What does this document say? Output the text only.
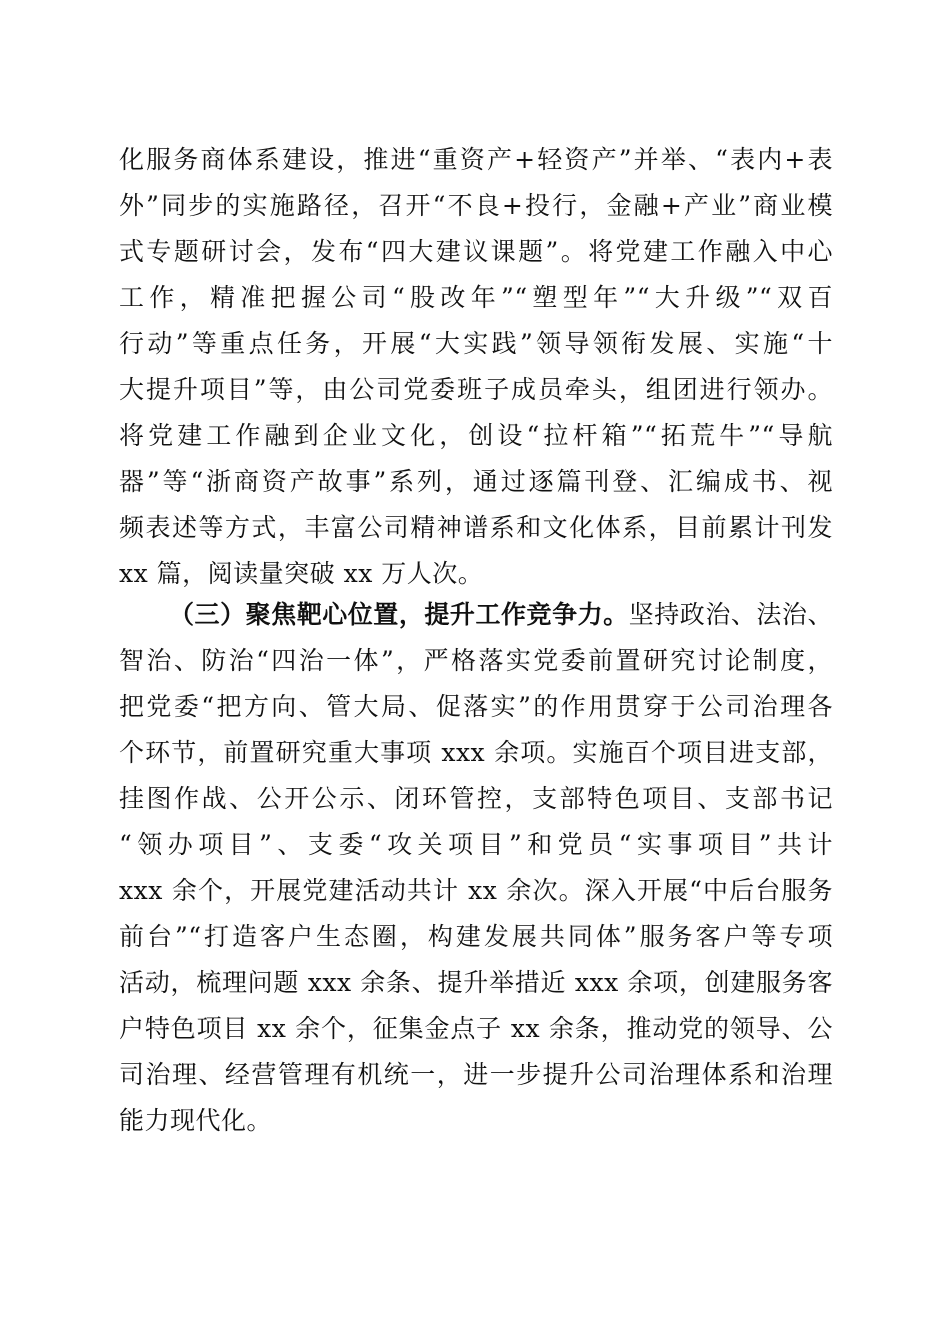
化服务商体系建设，推进“重资产+轻资产”并举、“表内+表
外”同步的实施路径，召开“不良+投行，金融+产业”商业模
式专题研讨会，发布“四大建议课题”。将党建工作融入中心
工作，精准把握公司“股改年”“塑型年”“大升级”“双百
行动”等重点任务，开展“大实践”领导领衔发展、实施“十
大提升项目”等，由公司党委班子成员牵头，组团进行领办。
将党建工作融到企业文化，创设“拉杆箱”“拓荒牛”“导航
器”等“浙商资产故事”系列，通过逐篇刊登、汇编成书、视
频表述等方式，丰富公司精神谱系和文化体系，目前累计刊发
xx 篇，阅读量突破 xx 万人次。
（三）聚焦靶心位置，提升工作竞争力。坚持政治、法治、
智治、防治“四治一体”，严格落实党委前置研究讨论制度，
把党委“把方向、管大局、促落实”的作用贯穿于公司治理各
个环节，前置研究重大事项 xxx 余项。实施百个项目进支部，
挂图作战、公开公示、闭环管控，支部特色项目、支部书记
“领办项目”、支委“攻关项目”和党员“实事项目”共计
xxx 余个，开展党建活动共计 xx 余次。深入开展“中后台服务
前台”“打造客户生态圈，构建发展共同体”服务客户等专项
活动，梳理问题 xxx 余条、提升举措近 xxx 余项，创建服务客
户特色项目 xx 余个，征集金点子 xx 余条，推动党的领导、公
司治理、经营管理有机统一，进一步提升公司治理体系和治理
能力现代化。
